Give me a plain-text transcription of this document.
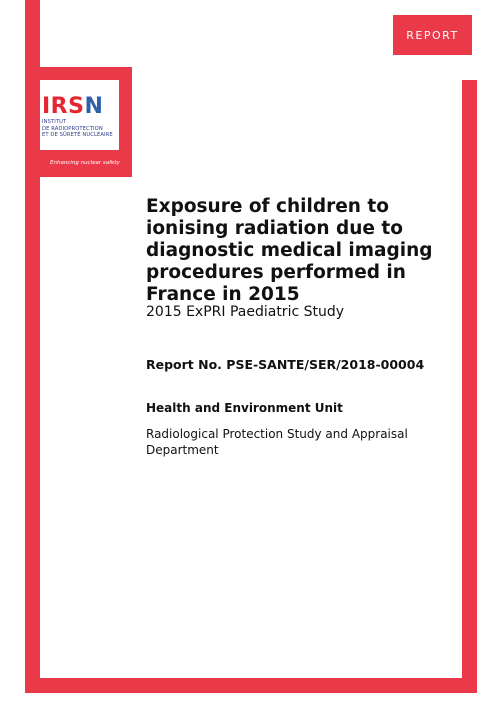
IRSN
INSTITUT
DE RADIOPROTECTION
ET DE SÛRETÉ NUCLÉAIRE
Enhancing nuclear safety
REPORT
Exposure of children to ionising radiation due to diagnostic medical imaging procedures performed in France in 2015

2015 ExPRI Paediatric Study

Report No. PSE-SANTE/SER/2018-00004

Health and Environment Unit

Radiological Protection Study and Appraisal Department
